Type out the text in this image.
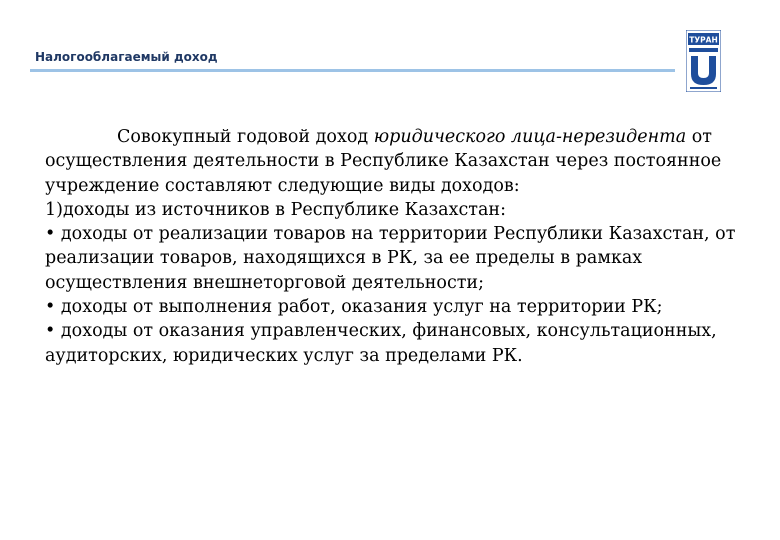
Налогооблагаемый доход
ТУРАН

Совокупный годовой доход юридического лица-нерезидента от осуществления деятельности в Республике Казахстан через постоянное учреждение составляют следующие виды доходов:

1)доходы из источников в Республике Казахстан:

• доходы от реализации товаров на территории Республики Казахстан, от реализации товаров, находящихся в РК, за ее пределы в рамках осуществления внешнеторговой деятельности;

• доходы от выполнения работ, оказания услуг на территории РК;

• доходы от оказания управленческих, финансовых, консультационных, аудиторских, юридических услуг за пределами РК.
